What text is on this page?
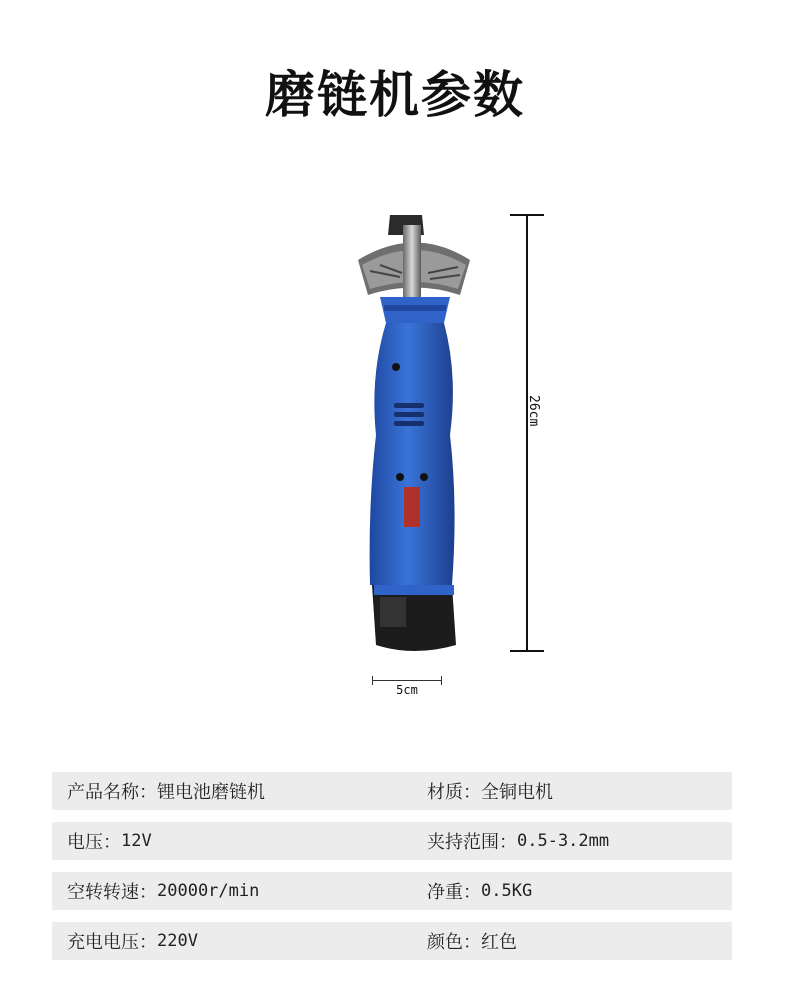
磨链机参数
26cm
5cm
产品名称： 锂电池磨链机	材质： 全铜电机
电压： 12V	夹持范围： 0.5-3.2mm
空转转速： 20000r/min	净重： 0.5KG
充电电压： 220V	颜色： 红色
